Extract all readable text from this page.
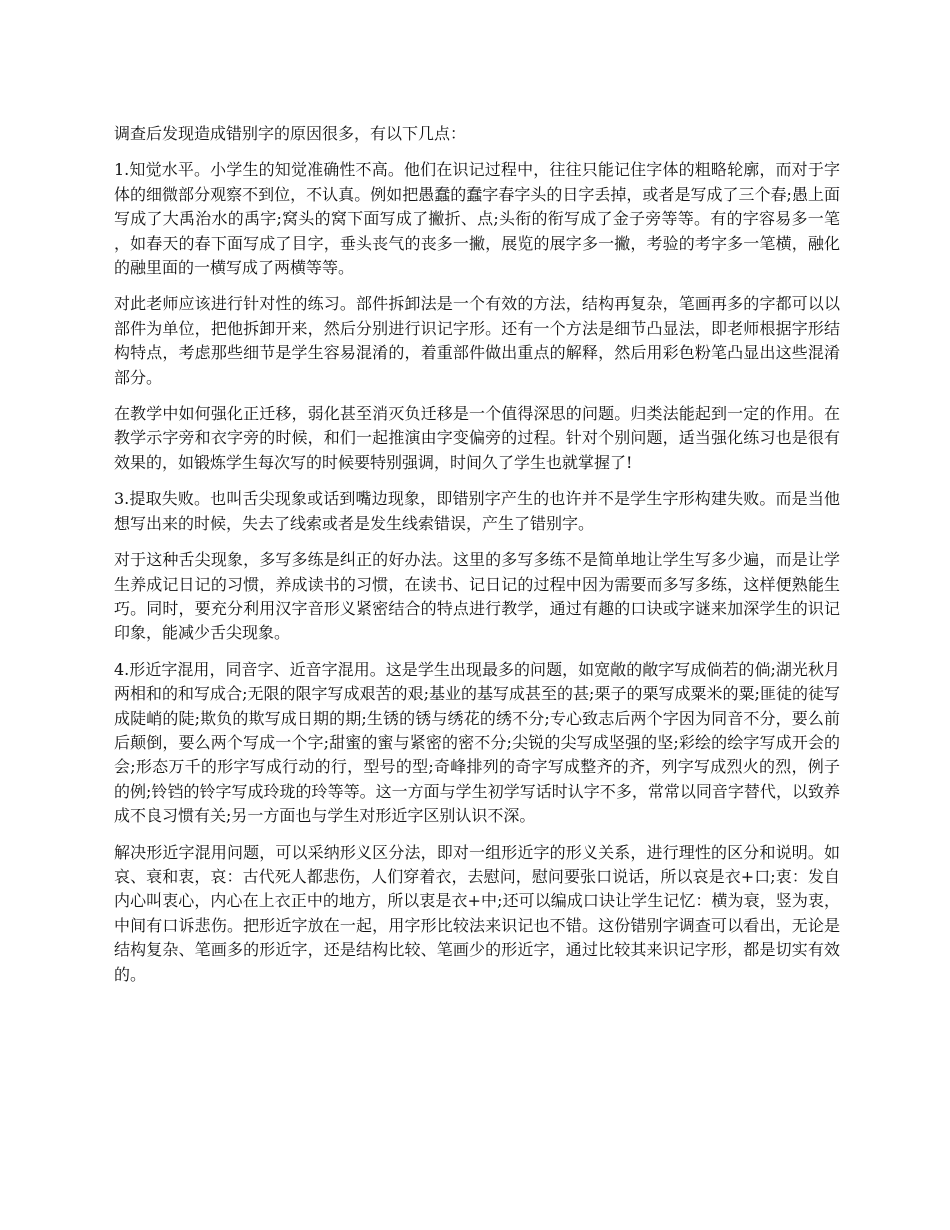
调查后发现造成错别字的原因很多，有以下几点：

1.知觉水平。小学生的知觉准确性不高。他们在识记过程中，往往只能记住字体的粗略轮廓，而对于字体的细微部分观察不到位，不认真。例如把愚蠢的蠢字春字头的日字丢掉，或者是写成了三个春;愚上面写成了大禹治水的禹字;窝头的窝下面写成了撇折、点;头衔的衔写成了金子旁等等。有的字容易多一笔，如春天的春下面写成了目字，垂头丧气的丧多一撇，展览的展字多一撇，考验的考字多一笔横，融化的融里面的一横写成了两横等等。

对此老师应该进行针对性的练习。部件拆卸法是一个有效的方法，结构再复杂，笔画再多的字都可以以部件为单位，把他拆卸开来，然后分别进行识记字形。还有一个方法是细节凸显法，即老师根据字形结构特点，考虑那些细节是学生容易混淆的，着重部件做出重点的解释，然后用彩色粉笔凸显出这些混淆部分。

在教学中如何强化正迁移，弱化甚至消灭负迁移是一个值得深思的问题。归类法能起到一定的作用。在教学示字旁和衣字旁的时候，和们一起推演由字变偏旁的过程。针对个别问题，适当强化练习也是很有效果的，如锻炼学生每次写的时候要特别强调，时间久了学生也就掌握了!

3.提取失败。也叫舌尖现象或话到嘴边现象，即错别字产生的也许并不是学生字形构建失败。而是当他想写出来的时候，失去了线索或者是发生线索错误，产生了错别字。

对于这种舌尖现象，多写多练是纠正的好办法。这里的多写多练不是简单地让学生写多少遍，而是让学生养成记日记的习惯，养成读书的习惯，在读书、记日记的过程中因为需要而多写多练，这样便熟能生巧。同时，要充分利用汉字音形义紧密结合的特点进行教学，通过有趣的口诀或字谜来加深学生的识记印象，能减少舌尖现象。

4.形近字混用，同音字、近音字混用。这是学生出现最多的问题，如宽敞的敞字写成倘若的倘;湖光秋月两相和的和写成合;无限的限字写成艰苦的艰;基业的基写成甚至的甚;栗子的栗写成粟米的粟;匪徒的徒写成陡峭的陡;欺负的欺写成日期的期;生锈的锈与绣花的绣不分;专心致志后两个字因为同音不分，要么前后颠倒，要么两个写成一个字;甜蜜的蜜与紧密的密不分;尖锐的尖写成坚强的坚;彩绘的绘字写成开会的会;形态万千的形字写成行动的行，型号的型;奇峰排列的奇字写成整齐的齐，列字写成烈火的烈，例子的例;铃铛的铃字写成玲珑的玲等等。这一方面与学生初学写话时认字不多，常常以同音字替代，以致养成不良习惯有关;另一方面也与学生对形近字区别认识不深。

解决形近字混用问题，可以采纳形义区分法，即对一组形近字的形义关系，进行理性的区分和说明。如哀、衰和衷，哀：古代死人都悲伤，人们穿着衣，去慰问，慰问要张口说话，所以哀是衣+口;衷：发自内心叫衷心，内心在上衣正中的地方，所以衷是衣+中;还可以编成口诀让学生记忆：横为衰，竖为衷，中间有口诉悲伤。把形近字放在一起，用字形比较法来识记也不错。这份错别字调查可以看出，无论是结构复杂、笔画多的形近字，还是结构比较、笔画少的形近字，通过比较其来识记字形，都是切实有效的。
